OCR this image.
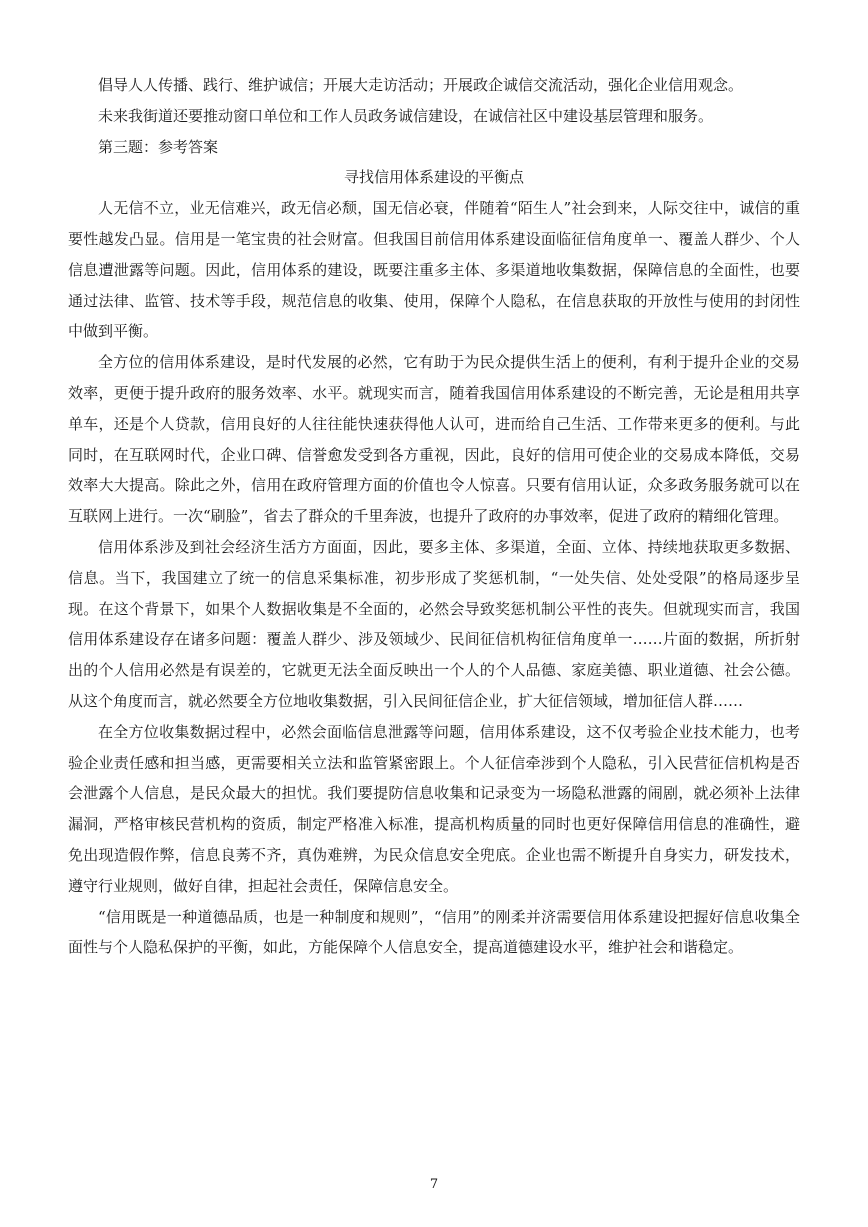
倡导人人传播、践行、维护诚信；开展大走访活动；开展政企诚信交流活动，强化企业信用观念。

未来我街道还要推动窗口单位和工作人员政务诚信建设，在诚信社区中建设基层管理和服务。

第三题：参考答案

寻找信用体系建设的平衡点

人无信不立，业无信难兴，政无信必颓，国无信必衰，伴随着“陌生人”社会到来，人际交往中，诚信的重要性越发凸显。信用是一笔宝贵的社会财富。但我国目前信用体系建设面临征信角度单一、覆盖人群少、个人信息遭泄露等问题。因此，信用体系的建设，既要注重多主体、多渠道地收集数据，保障信息的全面性，也要通过法律、监管、技术等手段，规范信息的收集、使用，保障个人隐私，在信息获取的开放性与使用的封闭性中做到平衡。

全方位的信用体系建设，是时代发展的必然，它有助于为民众提供生活上的便利，有利于提升企业的交易效率，更便于提升政府的服务效率、水平。就现实而言，随着我国信用体系建设的不断完善，无论是租用共享单车，还是个人贷款，信用良好的人往往能快速获得他人认可，进而给自己生活、工作带来更多的便利。与此同时，在互联网时代，企业口碑、信誉愈发受到各方重视，因此，良好的信用可使企业的交易成本降低，交易效率大大提高。除此之外，信用在政府管理方面的价值也令人惊喜。只要有信用认证，众多政务服务就可以在互联网上进行。一次“刷脸”，省去了群众的千里奔波，也提升了政府的办事效率，促进了政府的精细化管理。

信用体系涉及到社会经济生活方方面面，因此，要多主体、多渠道，全面、立体、持续地获取更多数据、信息。当下，我国建立了统一的信息采集标准，初步形成了奖惩机制，“一处失信、处处受限”的格局逐步呈现。在这个背景下，如果个人数据收集是不全面的，必然会导致奖惩机制公平性的丧失。但就现实而言，我国信用体系建设存在诸多问题：覆盖人群少、涉及领域少、民间征信机构征信角度单一……片面的数据，所折射出的个人信用必然是有误差的，它就更无法全面反映出一个人的个人品德、家庭美德、职业道德、社会公德。从这个角度而言，就必然要全方位地收集数据，引入民间征信企业，扩大征信领域，增加征信人群……

在全方位收集数据过程中，必然会面临信息泄露等问题，信用体系建设，这不仅考验企业技术能力，也考验企业责任感和担当感，更需要相关立法和监管紧密跟上。个人征信牵涉到个人隐私，引入民营征信机构是否会泄露个人信息，是民众最大的担忧。我们要提防信息收集和记录变为一场隐私泄露的闹剧，就必须补上法律漏洞，严格审核民营机构的资质，制定严格准入标准，提高机构质量的同时也更好保障信用信息的准确性，避免出现造假作弊，信息良莠不齐，真伪难辨，为民众信息安全兜底。企业也需不断提升自身实力，研发技术，遵守行业规则，做好自律，担起社会责任，保障信息安全。

“信用既是一种道德品质，也是一种制度和规则”，“信用”的刚柔并济需要信用体系建设把握好信息收集全面性与个人隐私保护的平衡，如此，方能保障个人信息安全，提高道德建设水平，维护社会和谐稳定。

7
